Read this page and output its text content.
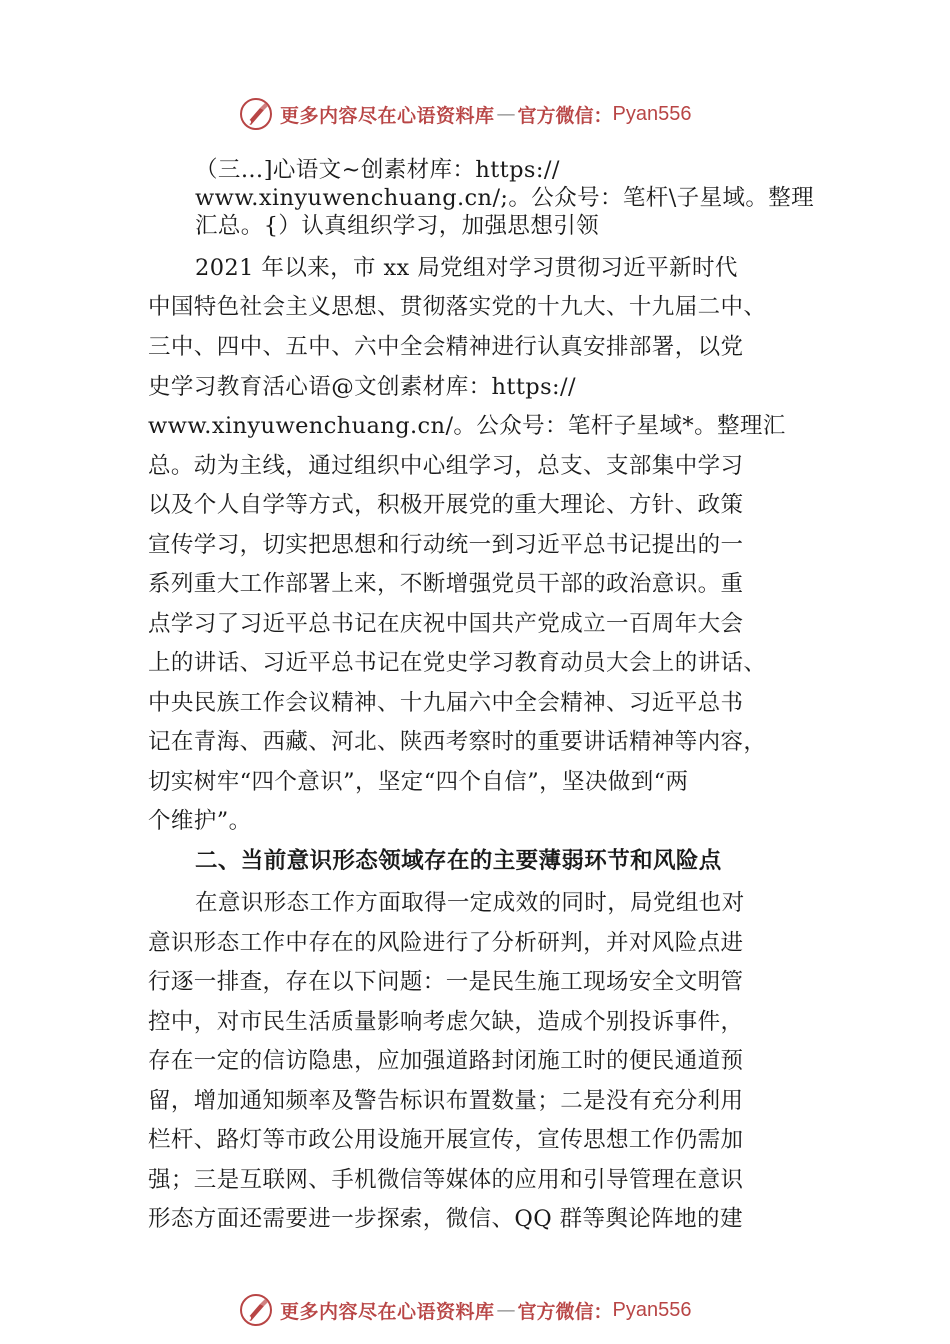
更多内容尽在心语资料库 — 官方微信： Pyan556
（三…]心语文~创素材库：https://
www.xinyuwenchuang.cn/;。公众号：笔杆\子星域。整理
汇总。{）认真组织学习，加强思想引领
2021 年以来，市 xx 局党组对学习贯彻习近平新时代
中国特色社会主义思想、贯彻落实党的十九大、十九届二中、
三中、四中、五中、六中全会精神进行认真安排部署，以党
史学习教育活心语@文创素材库：https://
www.xinyuwenchuang.cn/。公众号：笔杆子星域*。整理汇
总。动为主线，通过组织中心组学习，总支、支部集中学习
以及个人自学等方式，积极开展党的重大理论、方针、政策
宣传学习，切实把思想和行动统一到习近平总书记提出的一
系列重大工作部署上来，不断增强党员干部的政治意识。重
点学习了习近平总书记在庆祝中国共产党成立一百周年大会
上的讲话、习近平总书记在党史学习教育动员大会上的讲话、
中央民族工作会议精神、十九届六中全会精神、习近平总书
记在青海、西藏、河北、陕西考察时的重要讲话精神等内容，
切实树牢“四个意识”，坚定“四个自信”，坚决做到“两
个维护”。
二、当前意识形态领域存在的主要薄弱环节和风险点
在意识形态工作方面取得一定成效的同时，局党组也对
意识形态工作中存在的风险进行了分析研判，并对风险点进
行逐一排查，存在以下问题：一是民生施工现场安全文明管
控中，对市民生活质量影响考虑欠缺，造成个别投诉事件，
存在一定的信访隐患，应加强道路封闭施工时的便民通道预
留，增加通知频率及警告标识布置数量；二是没有充分利用
栏杆、路灯等市政公用设施开展宣传，宣传思想工作仍需加
强；三是互联网、手机微信等媒体的应用和引导管理在意识
形态方面还需要进一步探索，微信、QQ 群等舆论阵地的建
更多内容尽在心语资料库 — 官方微信： Pyan556
